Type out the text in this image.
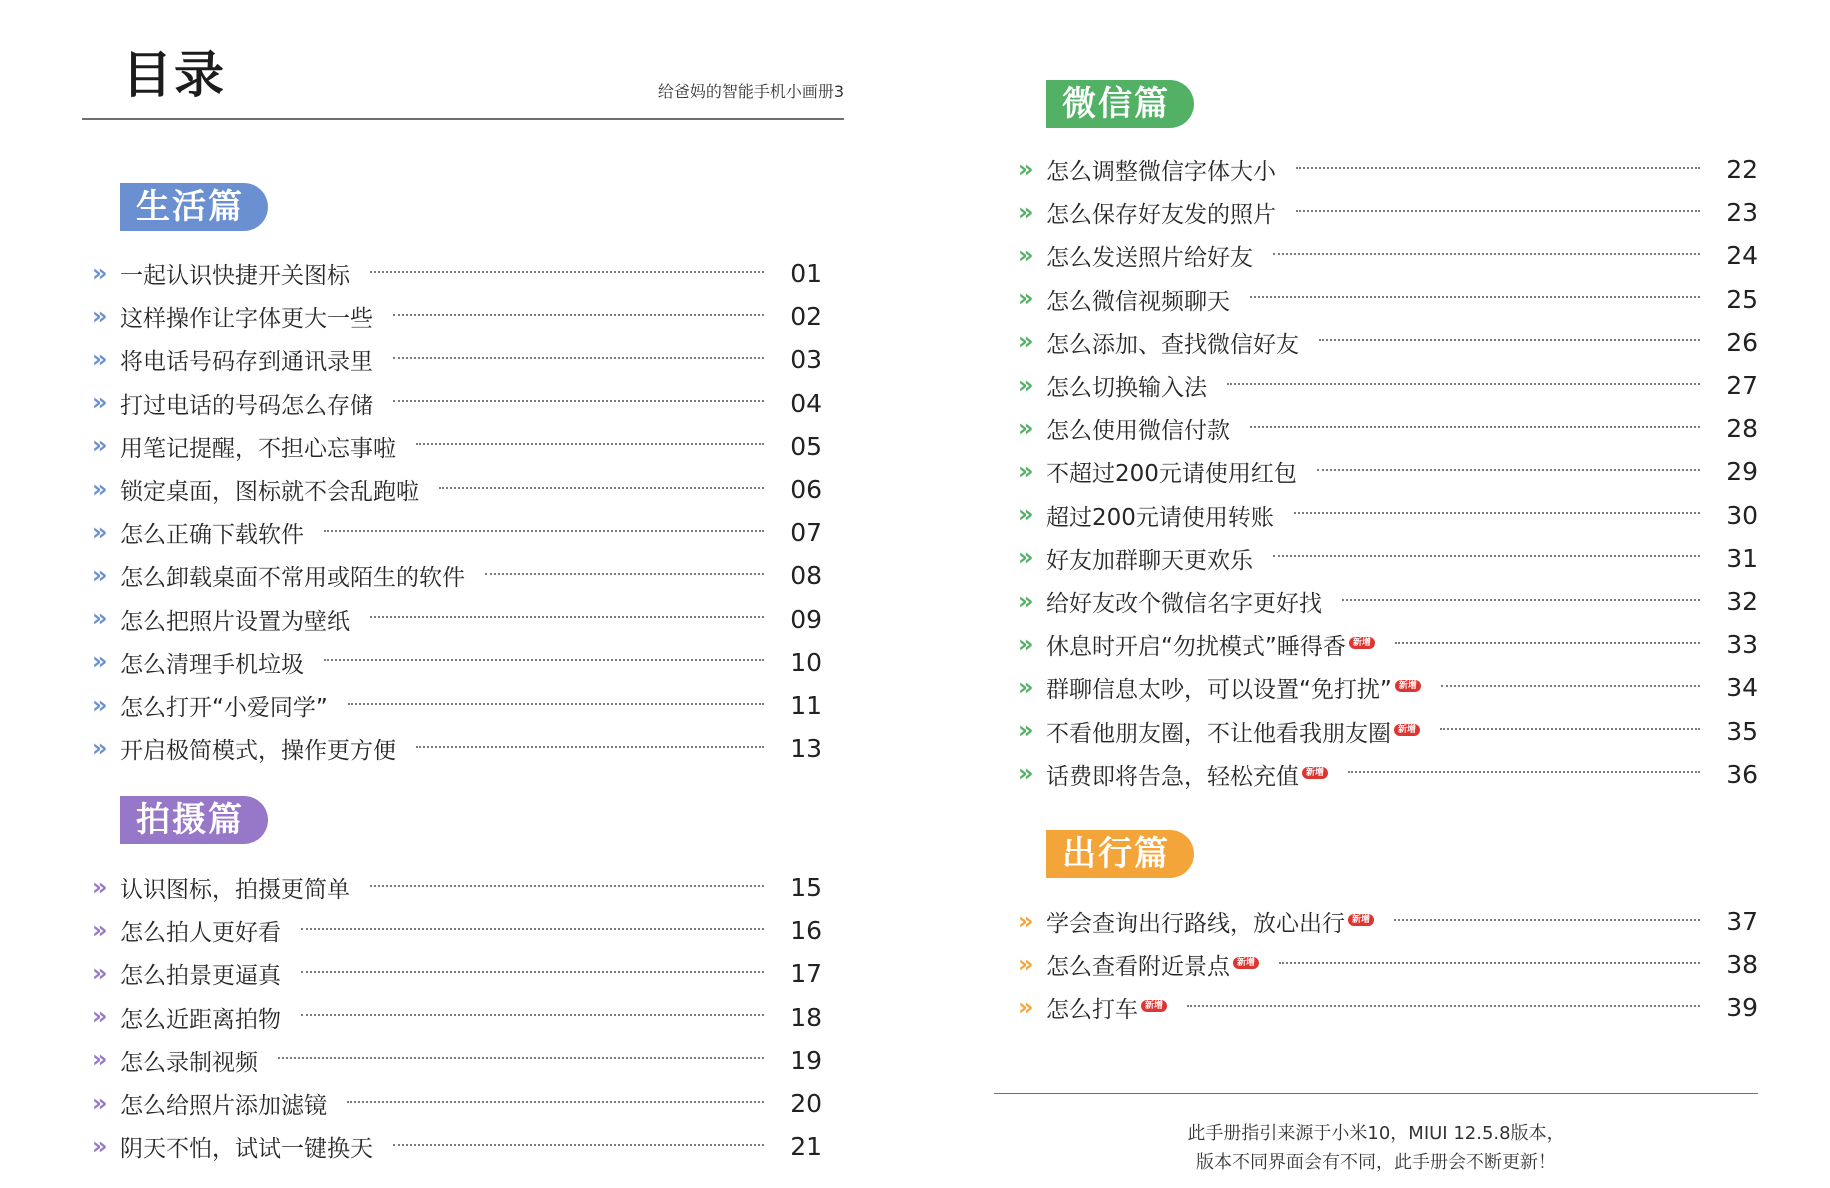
目录	给爸妈的智能手机小画册3
生活篇
» 一起认识快捷开关图标	01
» 这样操作让字体更大一些	02
» 将电话号码存到通讯录里	03
» 打过电话的号码怎么存储	04
» 用笔记提醒，不担心忘事啦	05
» 锁定桌面，图标就不会乱跑啦	06
» 怎么正确下载软件	07
» 怎么卸载桌面不常用或陌生的软件	08
» 怎么把照片设置为壁纸	09
» 怎么清理手机垃圾	10
» 怎么打开“小爱同学”	11
» 开启极简模式，操作更方便	13
拍摄篇
» 认识图标，拍摄更简单	15
» 怎么拍人更好看	16
» 怎么拍景更逼真	17
» 怎么近距离拍物	18
» 怎么录制视频	19
» 怎么给照片添加滤镜	20
» 阴天不怕，试试一键换天	21
微信篇
» 怎么调整微信字体大小	22
» 怎么保存好友发的照片	23
» 怎么发送照片给好友	24
» 怎么微信视频聊天	25
» 怎么添加、查找微信好友	26
» 怎么切换输入法	27
» 怎么使用微信付款	28
» 不超过200元请使用红包	29
» 超过200元请使用转账	30
» 好友加群聊天更欢乐	31
» 给好友改个微信名字更好找	32
» 休息时开启“勿扰模式”睡得香 新增	33
» 群聊信息太吵，可以设置“免打扰” 新增	34
» 不看他朋友圈，不让他看我朋友圈 新增	35
» 话费即将告急，轻松充值 新增	36
出行篇
» 学会查询出行路线，放心出行 新增	37
» 怎么查看附近景点 新增	38
» 怎么打车 新增	39
此手册指引来源于小米10，MIUI 12.5.8版本，
版本不同界面会有不同，此手册会不断更新！
